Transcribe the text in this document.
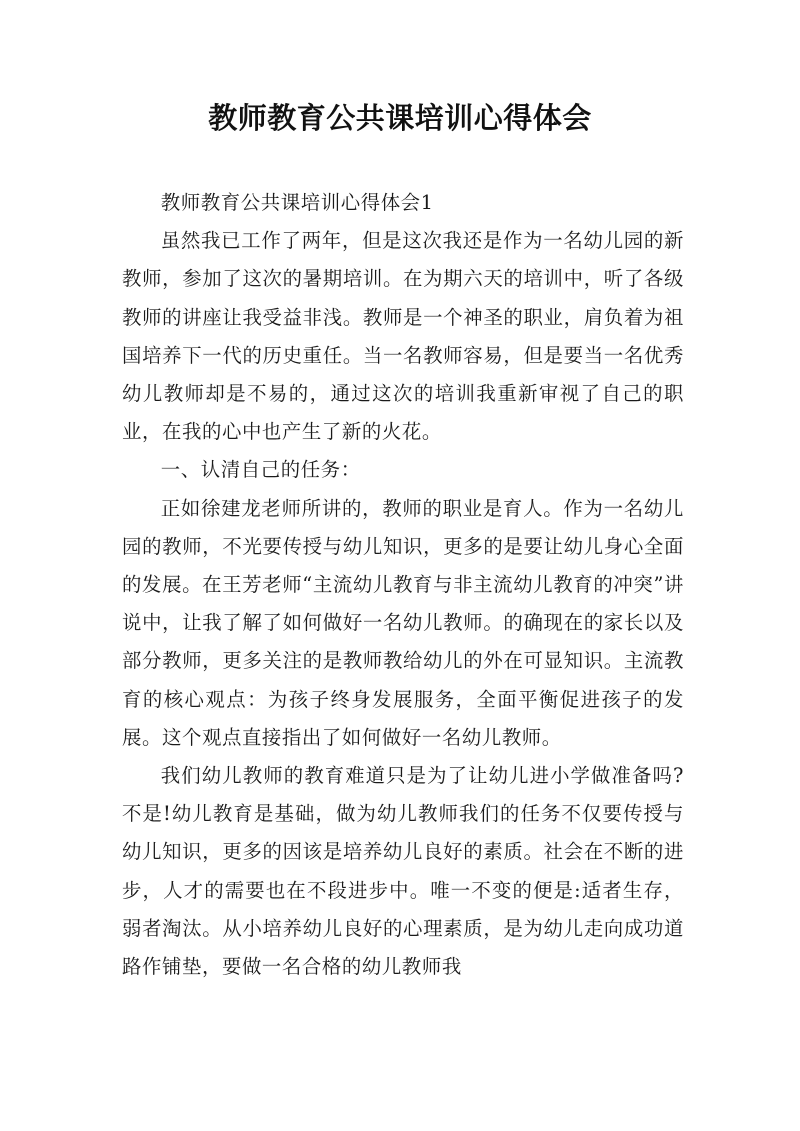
教师教育公共课培训心得体会

教师教育公共课培训心得体会1

虽然我已工作了两年，但是这次我还是作为一名幼儿园的新教师，参加了这次的暑期培训。在为期六天的培训中，听了各级教师的讲座让我受益非浅。教师是一个神圣的职业，肩负着为祖国培养下一代的历史重任。当一名教师容易，但是要当一名优秀幼儿教师却是不易的，通过这次的培训我重新审视了自己的职业，在我的心中也产生了新的火花。

一、认清自己的任务：

正如徐建龙老师所讲的，教师的职业是育人。作为一名幼儿园的教师，不光要传授与幼儿知识，更多的是要让幼儿身心全面的发展。在王芳老师“主流幼儿教育与非主流幼儿教育的冲突”讲说中，让我了解了如何做好一名幼儿教师。的确现在的家长以及部分教师，更多关注的是教师教给幼儿的外在可显知识。主流教育的核心观点：为孩子终身发展服务，全面平衡促进孩子的发展。这个观点直接指出了如何做好一名幼儿教师。

我们幼儿教师的教育难道只是为了让幼儿进小学做准备吗?不是!幼儿教育是基础，做为幼儿教师我们的任务不仅要传授与幼儿知识，更多的因该是培养幼儿良好的素质。社会在不断的进步，人才的需要也在不段进步中。唯一不变的便是:适者生存，弱者淘汰。从小培养幼儿良好的心理素质，是为幼儿走向成功道路作铺垫，要做一名合格的幼儿教师我
